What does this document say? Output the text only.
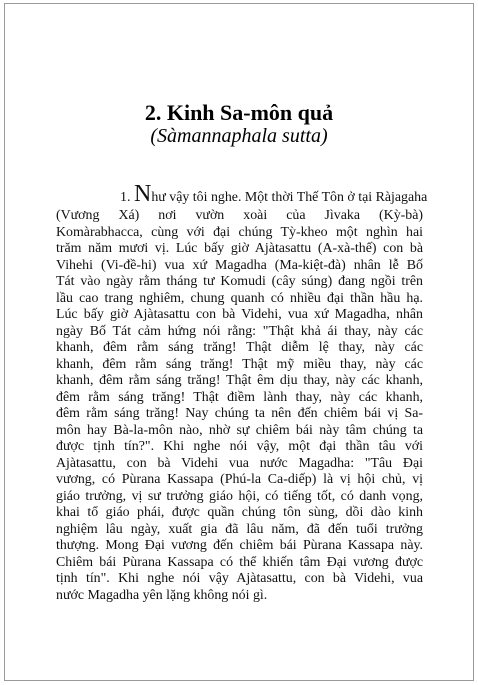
2. Kinh Sa-môn quả
(Sàmannaphala sutta)
1. Như vậy tôi nghe. Một thời Thế Tôn ở tại Ràjagaha
(Vương Xá) nơi vườn xoài của Jìvaka (Kỳ-bà)
Komàrabhacca, cùng với đại chúng Tỳ-kheo một nghìn hai
trăm năm mươi vị. Lúc bấy giờ Ajàtasattu (A-xà-thế) con bà
Vihehi (Vi-đề-hi) vua xứ Magadha (Ma-kiệt-đà) nhân lễ Bố
Tát vào ngày rằm tháng tư Komudi (cây súng) đang ngồi trên
lầu cao trang nghiêm, chung quanh có nhiều đại thần hầu hạ.
Lúc bấy giờ Ajàtasattu con bà Videhi, vua xứ Magadha, nhân
ngày Bố Tát cảm hứng nói rằng: "Thật khả ái thay, này các
khanh, đêm rằm sáng trăng! Thật diễm lệ thay, này các
khanh, đêm rằm sáng trăng! Thật mỹ miều thay, này các
khanh, đêm rằm sáng trăng! Thật êm dịu thay, này các khanh,
đêm rằm sáng trăng! Thật điềm lành thay, này các khanh,
đêm rằm sáng trăng! Nay chúng ta nên đến chiêm bái vị Sa-
môn hay Bà-la-môn nào, nhờ sự chiêm bái này tâm chúng ta
được tịnh tín?". Khi nghe nói vậy, một đại thần tâu với
Ajàtasattu, con bà Videhi vua nước Magadha: "Tâu Đại
vương, có Pùrana Kassapa (Phú-la Ca-diếp) là vị hội chủ, vị
giáo trưởng, vị sư trưởng giáo hội, có tiếng tốt, có danh vọng,
khai tổ giáo phái, được quần chúng tôn sùng, dồi dào kinh
nghiệm lâu ngày, xuất gia đã lâu năm, đã đến tuổi trưởng
thượng. Mong Đại vương đến chiêm bái Pùrana Kassapa này.
Chiêm bái Pùrana Kassapa có thể khiến tâm Đại vương được
tịnh tín". Khi nghe nói vậy Ajàtasattu, con bà Videhi, vua
nước Magadha yên lặng không nói gì.
